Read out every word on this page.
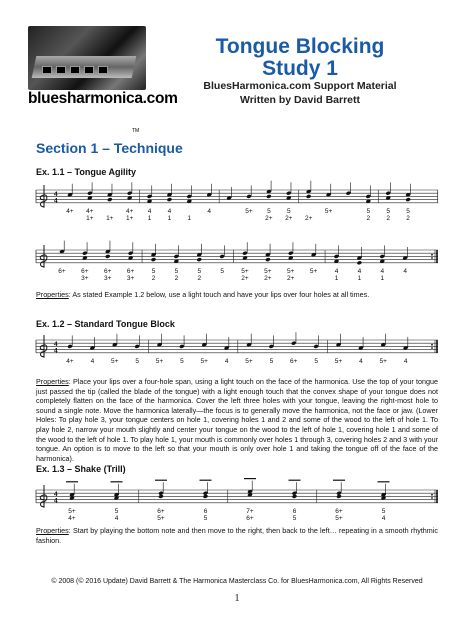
bluesharmonica.com
TM
Tongue Blocking
Study 1
BluesHarmonica.com Support Material
Written by David Barrett
Section 1 – Technique
Ex. 1.1 – Tongue Agility
4
4
4+ 4+
1+ 1+
4+
1+
4
1
4
1	1
4	5+ 5
2+
5
2+ 2+
5+	5
2
5
2
5
2
6+ 6+
3+
6+
3+
6+
3+
5
2
5
2
5
2
5	5+
2+
5+
2+
5+
2+
5+	4
1
4
1
4
1
4
Properties: As stated Example 1.2 below, use a light touch and have your lips over four holes at all times.
Ex. 1.2 – Standard Tongue Block
4
4
4+	4	5+	5	5+	5	5+	4	5+	5	6+	5	5+	4	5+	4
Properties: Place your lips over a four-hole span, using a light touch on the face of the harmonica. Use the top of your tongue just passed the tip (called the blade of the tongue) with a light enough touch that the convex shape of your tongue does not completely flatten on the face of the harmonica. Cover the left three holes with your tongue, leaving the right-most hole to sound a single note. Move the harmonica laterally—the focus is to generally move the harmonica, not the face or jaw. (Lower Holes: To play hole 3, your tongue centers on hole 1, covering holes 1 and 2 and some of the wood to the left of hole 1. To play hole 2, narrow your mouth slightly and center your tongue on the wood to the left of hole 1, covering hole 1 and some of the wood to the left of hole 1. To play hole 1, your mouth is commonly over holes 1 through 3, covering holes 2 and 3 with your tongue. An option is to move to the left so that your mouth is only over hole 1 and taking the tongue off of the face of the harmonica).
Ex. 1.3 – Shake (Trill)
4
4
5+
4+
5
4
6+
5+
6
5
7+
6+
6
5
6+
5+
5
4
Properties: Start by playing the bottom note and then move to the right, then back to the left… repeating in a smooth rhythmic fashion.
© 2008 (© 2016 Update) David Barrett & The Harmonica Masterclass Co. for BluesHarmonica.com, All Rights Reserved
1
